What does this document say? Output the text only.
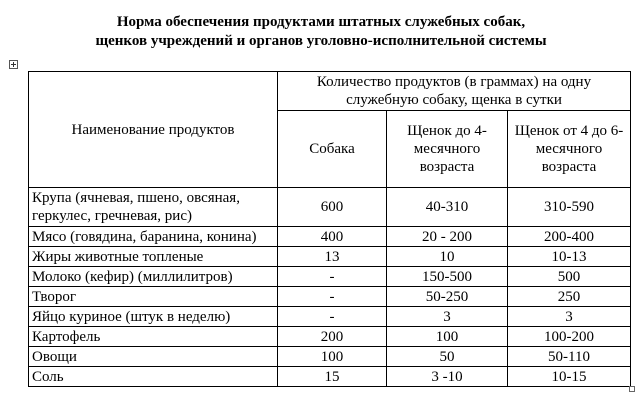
Норма обеспечения продуктами штатных служебных собак,
щенков учреждений и органов уголовно-исполнительной системы
Наименование продуктов	Количество продуктов (в граммах) на одну служебную собаку, щенка в сутки		
	Собака	Щенок до 4-месячного возраста	Щенок от 4 до 6-месячного возраста
Крупа (ячневая, пшено, овсяная, геркулес, гречневая, рис)	600	40-310	310-590
Мясо (говядина, баранина, конина)	400	20 - 200	200-400
Жиры животные топленые	13	10	10-13
Молоко (кефир) (миллилитров)	-	150-500	500
Творог	-	50-250	250
Яйцо куриное (штук в неделю)	-	3	3
Картофель	200	100	100-200
Овощи	100	50	50-110
Соль	15	3 -10	10-15
